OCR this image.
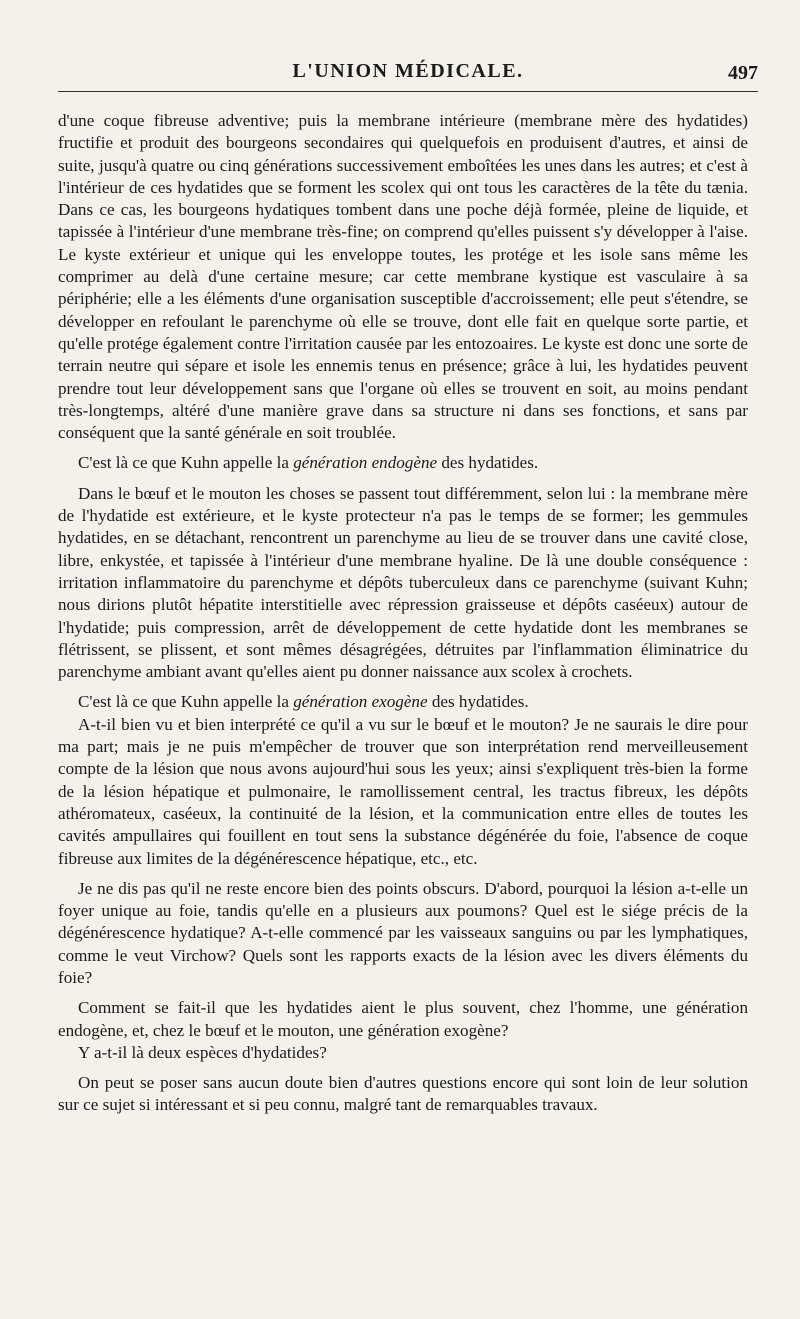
L'UNION MÉDICALE.	497

d'une coque fibreuse adventive; puis la membrane intérieure (membrane mère des hydatides) fructifie et produit des bourgeons secondaires qui quelquefois en produisent d'autres, et ainsi de suite, jusqu'à quatre ou cinq générations successivement emboîtées les unes dans les autres; et c'est à l'intérieur de ces hydatides que se forment les scolex qui ont tous les caractères de la tête du tænia. Dans ce cas, les bourgeons hydatiques tombent dans une poche déjà formée, pleine de liquide, et tapissée à l'intérieur d'une membrane très-fine; on comprend qu'elles puissent s'y développer à l'aise. Le kyste extérieur et unique qui les enveloppe toutes, les protége et les isole sans même les comprimer au delà d'une certaine mesure; car cette membrane kystique est vasculaire à sa périphérie; elle a les éléments d'une organisation susceptible d'accroissement; elle peut s'étendre, se développer en refoulant le parenchyme où elle se trouve, dont elle fait en quelque sorte partie, et qu'elle protége également contre l'irritation causée par les entozoaires. Le kyste est donc une sorte de terrain neutre qui sépare et isole les ennemis tenus en présence; grâce à lui, les hydatides peuvent prendre tout leur développement sans que l'organe où elles se trouvent en soit, au moins pendant très-longtemps, altéré d'une manière grave dans sa structure ni dans ses fonctions, et sans par conséquent que la santé générale en soit troublée.

C'est là ce que Kuhn appelle la génération endogène des hydatides.

Dans le bœuf et le mouton les choses se passent tout différemment, selon lui : la membrane mère de l'hydatide est extérieure, et le kyste protecteur n'a pas le temps de se former; les gemmules hydatides, en se détachant, rencontrent un parenchyme au lieu de se trouver dans une cavité close, libre, enkystée, et tapissée à l'intérieur d'une membrane hyaline. De là une double conséquence : irritation inflammatoire du parenchyme et dépôts tuberculeux dans ce parenchyme (suivant Kuhn; nous dirions plutôt hépatite interstitielle avec répression graisseuse et dépôts caséeux) autour de l'hydatide; puis compression, arrêt de développement de cette hydatide dont les membranes se flétrissent, se plissent, et sont mêmes désagrégées, détruites par l'inflammation éliminatrice du parenchyme ambiant avant qu'elles aient pu donner naissance aux scolex à crochets.

C'est là ce que Kuhn appelle la génération exogène des hydatides.

A-t-il bien vu et bien interprété ce qu'il a vu sur le bœuf et le mouton? Je ne saurais le dire pour ma part; mais je ne puis m'empêcher de trouver que son interprétation rend merveilleusement compte de la lésion que nous avons aujourd'hui sous les yeux; ainsi s'expliquent très-bien la forme de la lésion hépatique et pulmonaire, le ramollissement central, les tractus fibreux, les dépôts athéromateux, caséeux, la continuité de la lésion, et la communication entre elles de toutes les cavités ampullaires qui fouillent en tout sens la substance dégénérée du foie, l'absence de coque fibreuse aux limites de la dégénérescence hépatique, etc., etc.

Je ne dis pas qu'il ne reste encore bien des points obscurs. D'abord, pourquoi la lésion a-t-elle un foyer unique au foie, tandis qu'elle en a plusieurs aux poumons? Quel est le siége précis de la dégénérescence hydatique? A-t-elle commencé par les vaisseaux sanguins ou par les lymphatiques, comme le veut Virchow? Quels sont les rapports exacts de la lésion avec les divers éléments du foie?

Comment se fait-il que les hydatides aient le plus souvent, chez l'homme, une génération endogène, et, chez le bœuf et le mouton, une génération exogène?

Y a-t-il là deux espèces d'hydatides?

On peut se poser sans aucun doute bien d'autres questions encore qui sont loin de leur solution sur ce sujet si intéressant et si peu connu, malgré tant de remarquables travaux.
